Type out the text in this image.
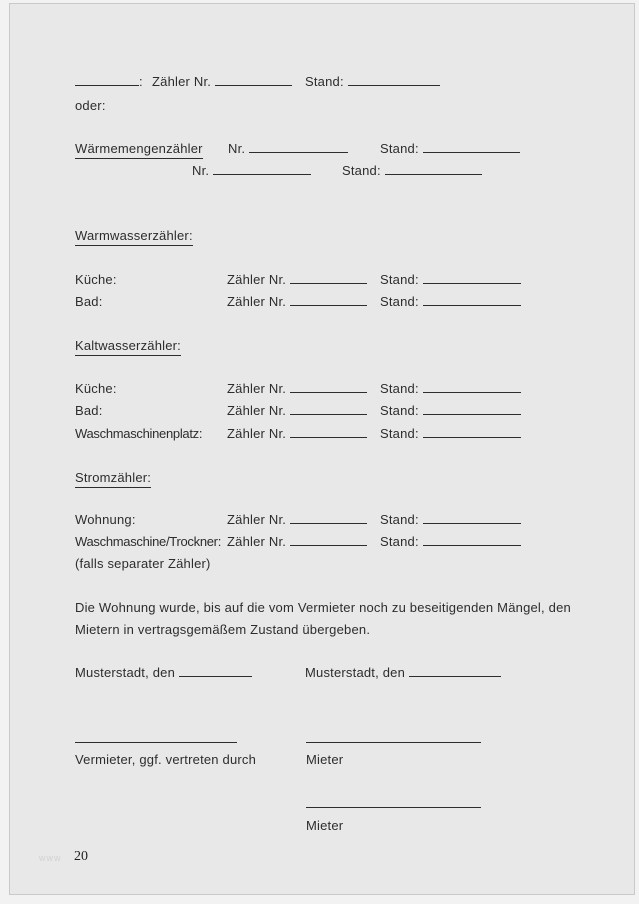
: Zähler Nr.	Stand:
oder:
Wärmemengenzähler Nr.	Stand:
Nr.	Stand:
Warmwasserzähler:
Küche:	Zähler Nr.	Stand:
Bad:	Zähler Nr.	Stand:
Kaltwasserzähler:
Küche:	Zähler Nr.	Stand:
Bad:	Zähler Nr.	Stand:
Waschmaschinenplatz: Zähler Nr.	Stand:
Stromzähler:
Wohnung:	Zähler Nr.	Stand:
Waschmaschine/Trockner: Zähler Nr.	Stand:
(falls separater Zähler)
Die Wohnung wurde, bis auf die vom Vermieter noch zu beseitigenden Mängel, den
Mietern in vertragsgemäßem Zustand übergeben.
Musterstadt, den	Musterstadt, den
Vermieter, ggf. vertreten durch	Mieter
Mieter
www 20
